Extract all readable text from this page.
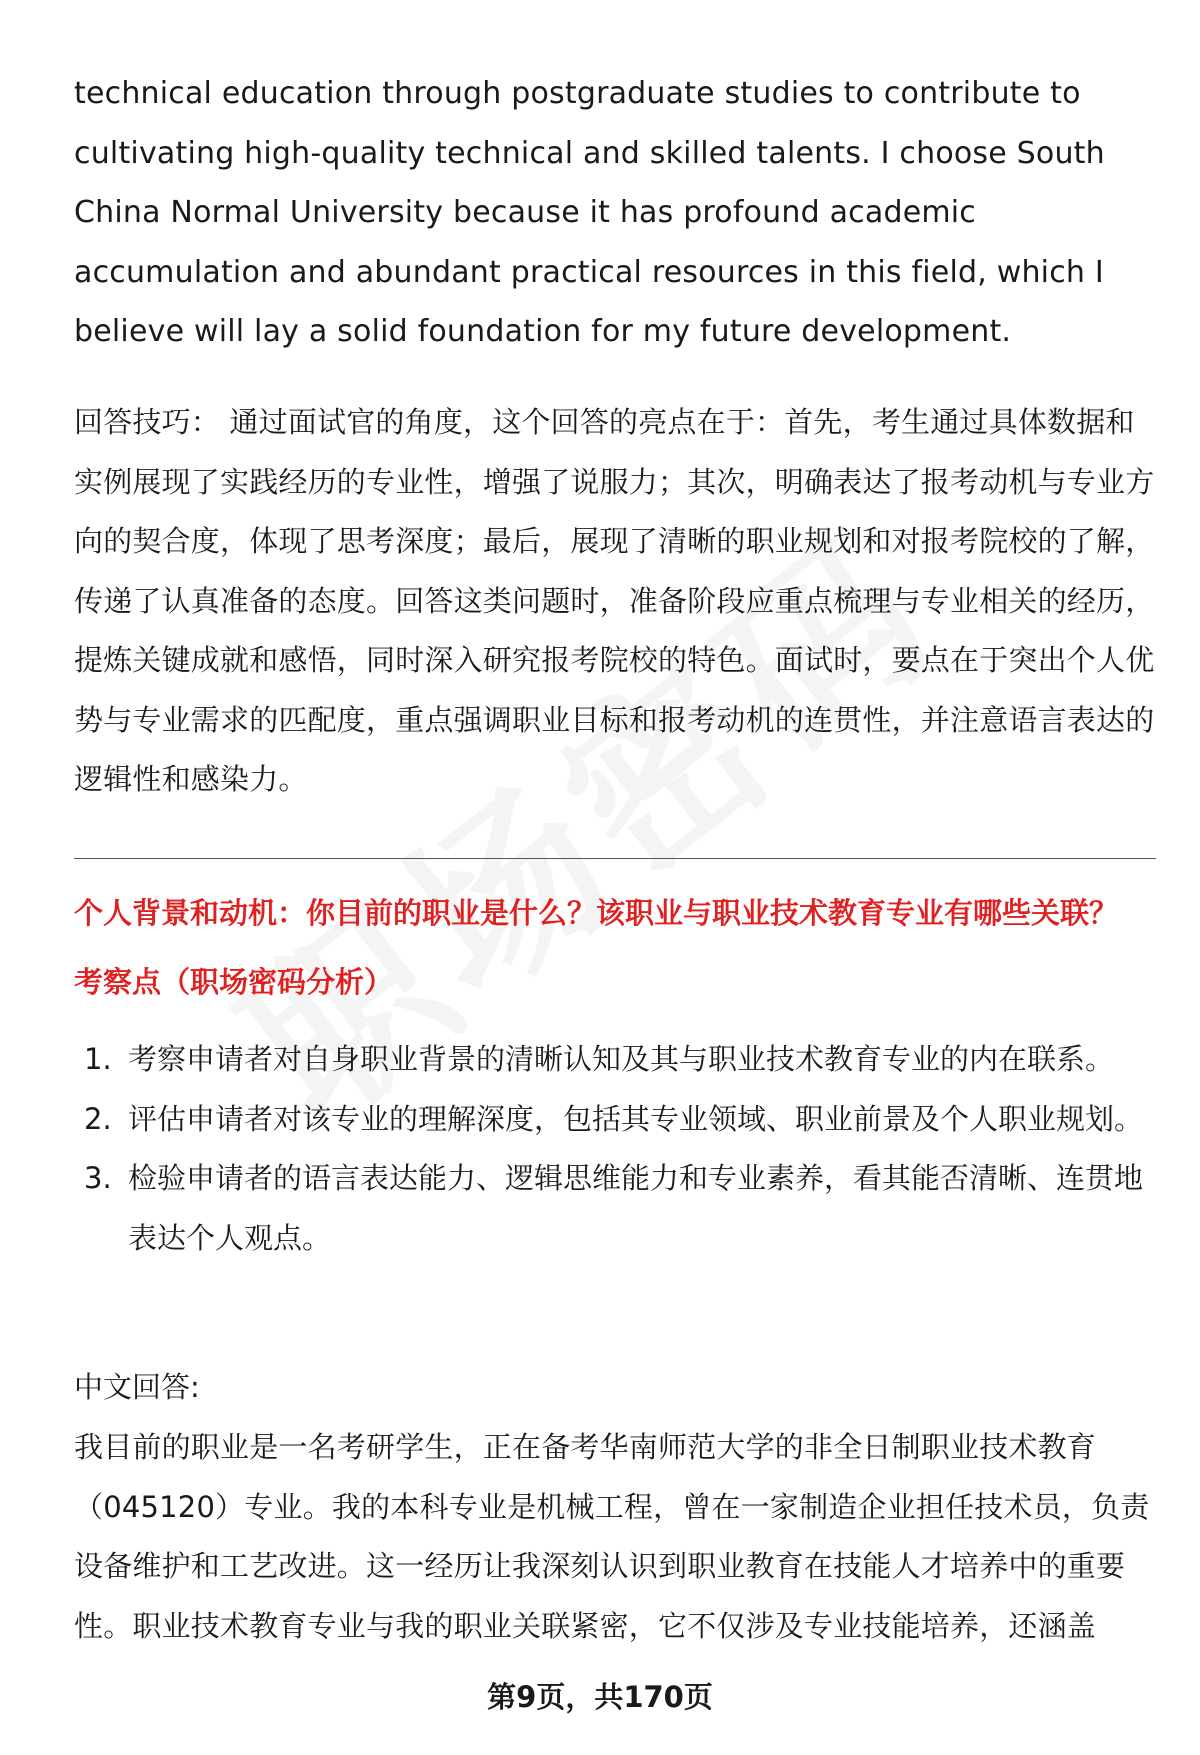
technical education through postgraduate studies to contribute to cultivating high-quality technical and skilled talents. I choose South China Normal University because it has profound academic accumulation and abundant practical resources in this field, which I believe will lay a solid foundation for my future development.

回答技巧： 通过面试官的角度，这个回答的亮点在于：首先，考生通过具体数据和实例展现了实践经历的专业性，增强了说服力；其次，明确表达了报考动机与专业方向的契合度，体现了思考深度；最后，展现了清晰的职业规划和对报考院校的了解，传递了认真准备的态度。回答这类问题时，准备阶段应重点梳理与专业相关的经历，提炼关键成就和感悟，同时深入研究报考院校的特色。面试时，要点在于突出个人优势与专业需求的匹配度，重点强调职业目标和报考动机的连贯性，并注意语言表达的逻辑性和感染力。

个人背景和动机：你目前的职业是什么？该职业与职业技术教育专业有哪些关联？
考察点（职场密码分析）
1. 考察申请者对自身职业背景的清晰认知及其与职业技术教育专业的内在联系。
2. 评估申请者对该专业的理解深度，包括其专业领域、职业前景及个人职业规划。
3. 检验申请者的语言表达能力、逻辑思维能力和专业素养，看其能否清晰、连贯地表达个人观点。

中文回答:

我目前的职业是一名考研学生，正在备考华南师范大学的非全日制职业技术教育（045120）专业。我的本科专业是机械工程，曾在一家制造企业担任技术员，负责设备维护和工艺改进。这一经历让我深刻认识到职业教育在技能人才培养中的重要性。职业技术教育专业与我的职业关联紧密，它不仅涉及专业技能培养，还涵盖

第9页，共170页
